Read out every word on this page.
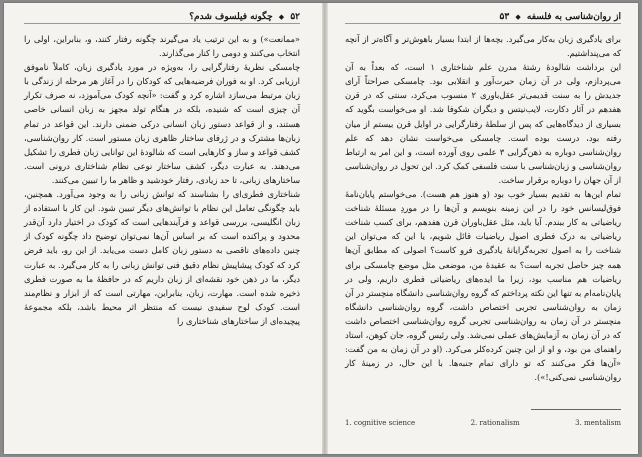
۵۲ ◆ چگونه فیلسوف شدم؟

«ممانعت») و به این ترتیب یاد می‌گیرند چگونه رفتار کنند، و، بنابراین، اولی را انتخاب می‌کنند و دومی را کنار می‌گذارند.

چامسکی نظریهٔ رفتارگرایی را، به‌ویژه در مورد یادگیری زبان، کاملاً ناموفق ارزیابی کرد. او به فوران فرضیه‌هایی که کودکان را در آغاز هر مرحله از زندگی با زبان مرتبط می‌سازد اشاره کرد و گفت: «آنچه کودک می‌آموزد، نه صرف تکرار آن چیزی است که شنیده، بلکه در هنگام تولد مجهز به زبان انسانی خاصی هستند، و از قواعد دستور زبان انسانی درکی ضمنی دارند. این قواعد در تمام زبان‌ها مشترک و در ژرفای ساختار ظاهری زبان مستور است. کار روان‌شناسی، کشف قواعد و ساز و کارهایی است که شالودهٔ این توانایی زبان فطری را تشکیل می‌دهند. به عبارت دیگر، کشف ساختار نوعی نظام شناختاری درونی است. ساختارهای زبانی، تا حد زیادی، رفتار خودشید و ظاهر ما را تبیین می‌کنند.

شناختاری فطری‌ای را بشناسند که توانش زبانی را به وجود می‌آورد. همچنین، باید چگونگی تعامل این نظام با توانش‌های دیگر تبیین شود. این کار با استفاده از زبان انگلیسی، بررسی قواعد و فرآیندهایی است که کودک در اختیار دارد آن‌قدر محدود و پراکنده است که بر اساس آن‌ها نمی‌توان توضیح داد چگونه کودک از چنین داده‌های ناقصی به دستور زبان کامل دست می‌یابد. از این رو، باید فرض کرد که کودک پیشاپیش نظام دقیق فنی توانش زبانی را به کار می‌گیرد. به عبارت دیگر، ما در ذهن خود نقشه‌ای از زبان داریم که در حافظهٔ ما به صورت فطری ذخیره شده است. مهارت، زبان، بنابراین، مهارتی است که از ابزار و نظام‌مند است. کودک لوح سفیدی نیست که منتظر اثر محیط باشد، بلکه مجموعهٔ پیچیده‌ای از ساختارهای شناختاری را

از روان‌شناسی به فلسفه ◆ ۵۳

برای یادگیری زبان به‌کار می‌گیرد. بچه‌ها از ابتدا بسیار باهوش‌تر و آگاه‌تر از آنچه که می‌پنداشتیم.

این برداشت شالودهٔ رشتهٔ مدرن علم شناختاری ۱ است، که بعداً به آن می‌پردازم، ولی در آن زمان حیرت‌آور و انقلابی بود. چامسکی صراحتاً آرای جدیدش را به سنت قدیمی‌تر عقل‌باوری ۲ منسوب می‌کرد، سنتی که در قرن هفدهم در آثار دکارت، لایب‌نیتس و دیگران شکوفا شد. او می‌خواست بگوید که بسیاری از دیدگاه‌هایی که پس از سلطهٔ رفتارگرایی در اوایل قرن بیستم از میان رفته بود، درست بوده است. چامسکی می‌خواست نشان دهد که علم روان‌شناسی دوباره به ذهن‌گرایی ۳ علمی روی آورده است، و این امر به ارتباط روان‌شناسی و زبان‌شناسی با سنت فلسفی کمک کرد. این تحول در روان‌شناسی از آن جهان را دوباره برقرار ساخت.

تمام این‌ها به تقدیم بسیار خوب بود (و هنوز هم هست). می‌خواستم پایان‌نامهٔ فوق‌لیسانس خود را در این زمینه بنویسم و آن‌ها را در موردِ مسئلهٔ شناخت ریاضیاتی به کار ببندم. آیا باید، مثل عقل‌باوران قرن هفدهم، برای کسب شناخت ریاضیاتی به درک فطری اصول ریاضیات قائل شویم، یا این که می‌توان این شناخت را به اصول تجربه‌گرایانهٔ یادگیری فرو کاست؟ اصولی که مطابق آن‌ها همه چیز حاصل تجربه است؟ به عقیدهٔ من، موضعی مثل موضع چامسکی برای ریاضیات هم مناسب بود، زیرا ما ایده‌های ریاضیاتی فطری داریم، ولی در پایان‌نامه‌ام به تنها این نکته پرداختم که گروه روان‌شناسی دانشگاه منچستر در آن زمان به روان‌شناسی تجربی اختصاص داشت، گروه روان‌شناسی دانشگاه منچستر در آن زمان به روان‌شناسی تجربی گروه روان‌شناسی اختصاص داشت که در آن زمان به آزمایش‌های عملی نمی‌شد. ولی رئیس گروه، جان کوهن، استاد راهنمای من بود، و او از این چنین کرده‌کلر می‌کرد. (او در آن زمان به من گفت: «آن‌ها فکر می‌کنند که تو دارای تمام جنبه‌ها. با این حال، در زمینهٔ کار روان‌شناسی نمی‌کنی!»).

1. cognitive science	2. rationalism	3. mentalism
